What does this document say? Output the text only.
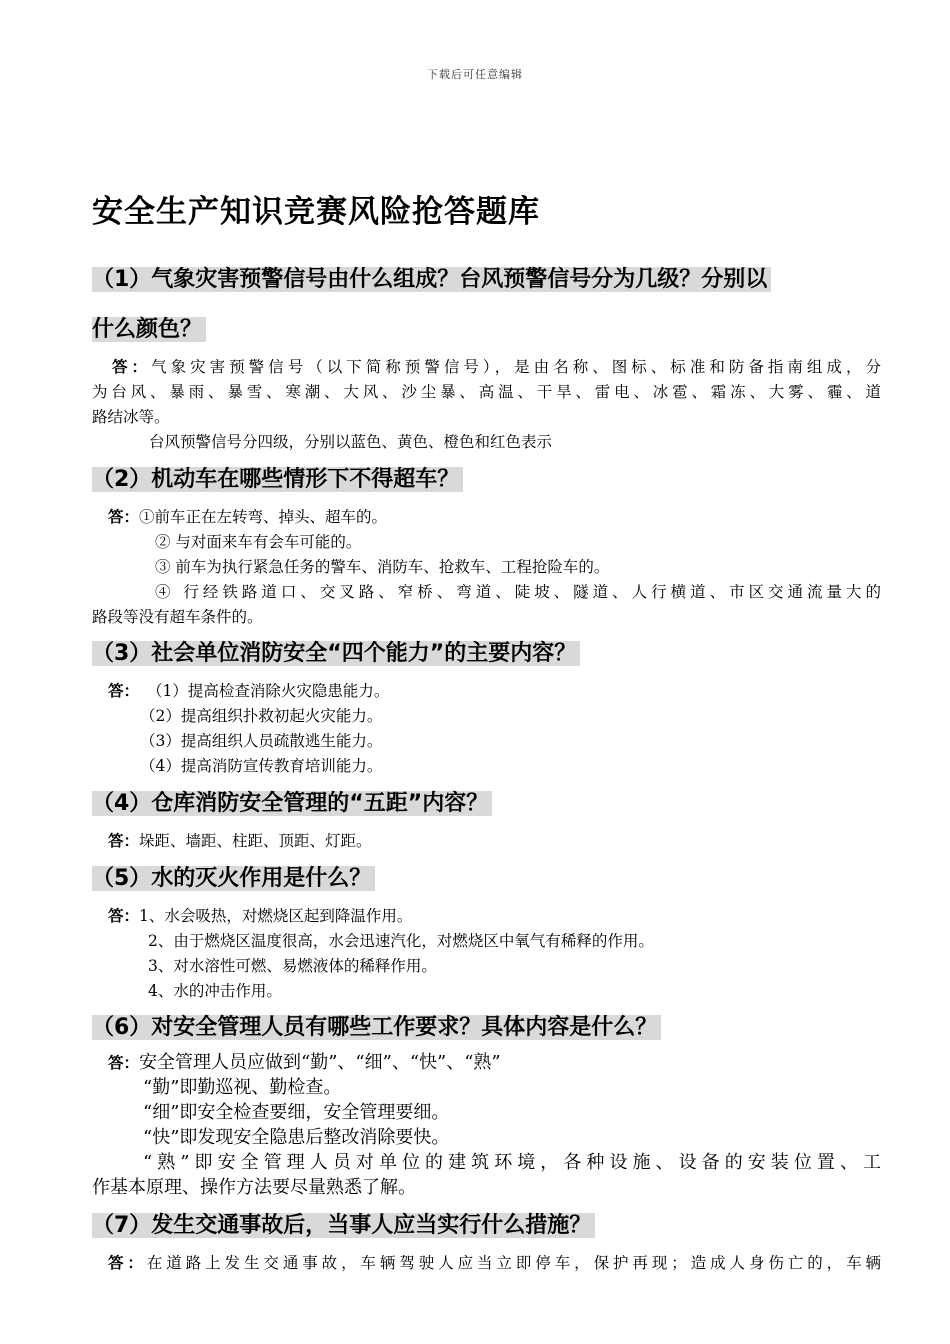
下载后可任意编辑
安全生产知识竞赛风险抢答题库
（1）气象灾害预警信号由什么组成？台风预警信号分为几级？分别以
什么颜色？
答：气象灾害预警信号（以下简称预警信号），是由名称、图标、标准和防备指南组成，分
为台风、暴雨、暴雪、寒潮、大风、沙尘暴、高温、干旱、雷电、冰雹、霜冻、大雾、霾、道
路结冰等。
台风预警信号分四级，分别以蓝色、黄色、橙色和红色表示
（2）机动车在哪些情形下不得超车？
答：①前车正在左转弯、掉头、超车的。
② 与对面来车有会车可能的。
③ 前车为执行紧急任务的警车、消防车、抢救车、工程抢险车的。
④ 行经铁路道口、交叉路、窄桥、弯道、陡坡、隧道、人行横道、市区交通流量大的
路段等没有超车条件的。
（3）社会单位消防安全“四个能力”的主要内容？
答： （1）提高检查消除火灾隐患能力。
（2）提高组织扑救初起火灾能力。
（3）提高组织人员疏散逃生能力。
（4）提高消防宣传教育培训能力。
（4）仓库消防安全管理的“五距”内容？
答：垛距、墙距、柱距、顶距、灯距。
（5）水的灭火作用是什么？
答：1、水会吸热，对燃烧区起到降温作用。
2、由于燃烧区温度很高，水会迅速汽化，对燃烧区中氧气有稀释的作用。
3、对水溶性可燃、易燃液体的稀释作用。
4、水的冲击作用。
（6）对安全管理人员有哪些工作要求？具体内容是什么？
答：安全管理人员应做到“勤”、“细”、“快”、“熟”
“勤”即勤巡视、勤检查。
“细”即安全检查要细，安全管理要细。
“快”即发现安全隐患后整改消除要快。
“熟”即安全管理人员对单位的建筑环境，各种设施、设备的安装位置、工
作基本原理、操作方法要尽量熟悉了解。
（7）发生交通事故后，当事人应当实行什么措施？
答：在道路上发生交通事故，车辆驾驶人应当立即停车，保护再现；造成人身伤亡的，车辆
